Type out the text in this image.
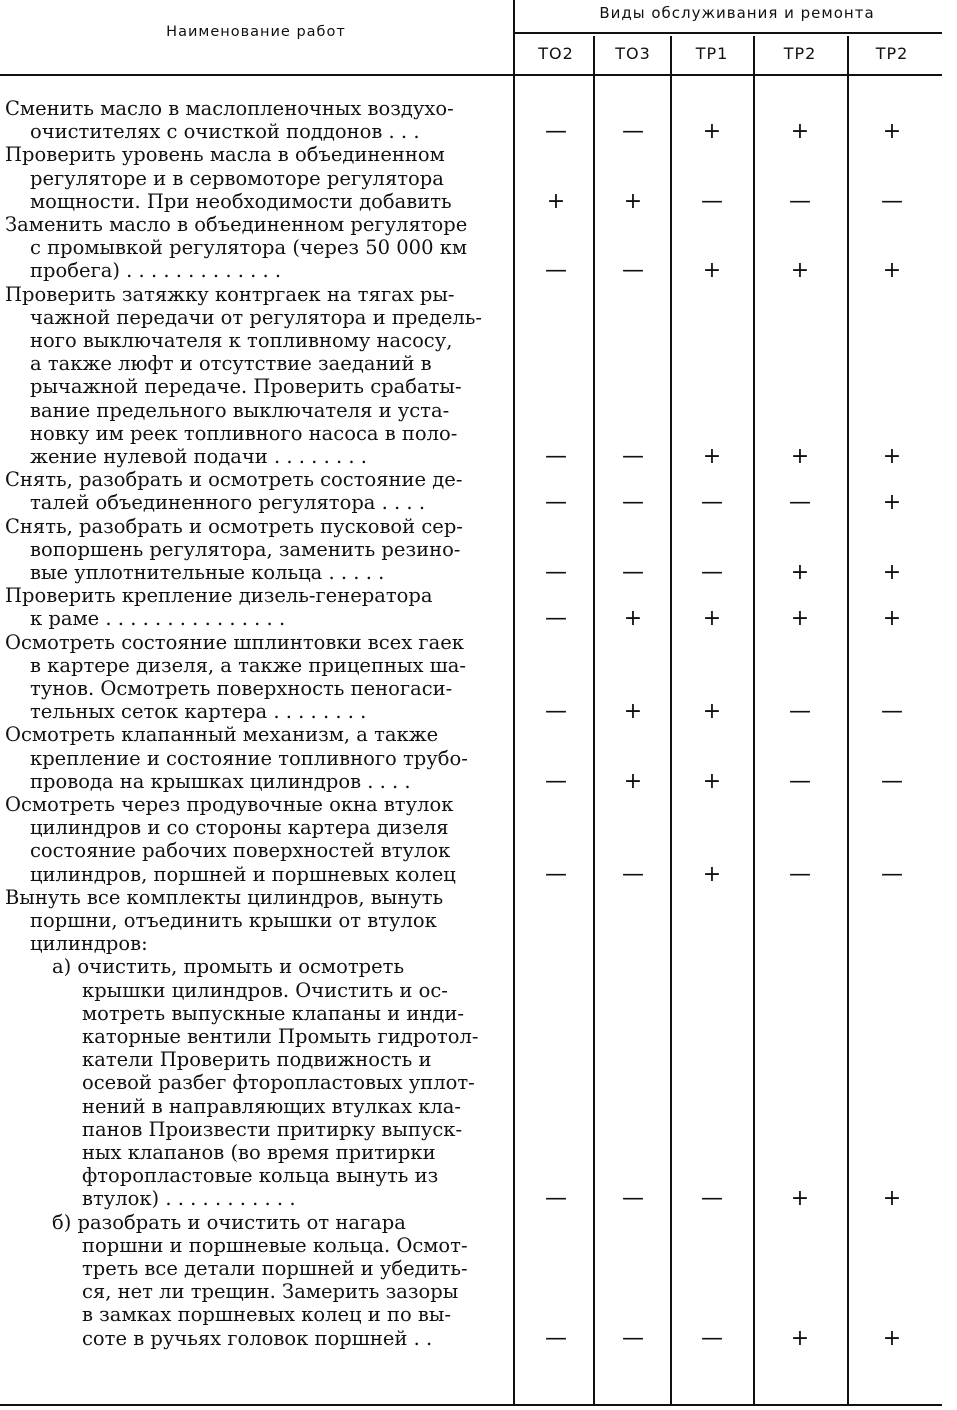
Наименование работ
Виды обслуживания и ремонта
ТО2	ТО3	ТР1	ТР2	ТР2
Сменить масло в маслопленочных воздухо-
очистителях с очисткой поддонов . . .	—	—	+	+	+
Проверить уровень масла в объединенном
регуляторе и в сервомоторе регулятора
мощности. При необходимости добавить	+	+	—	—	—
Заменить масло в объединенном регуляторе
с промывкой регулятора (через 50 000 км
пробега) . . . . . . . . . . . . .	—	—	+	+	+
Проверить затяжку контргаек на тягах ры-
чажной передачи от регулятора и предель-
ного выключателя к топливному насосу,
а также люфт и отсутствие заеданий в
рычажной передаче. Проверить срабаты-
вание предельного выключателя и уста-
новку им реек топливного насоса в поло-
жение нулевой подачи . . . . . . . .	—	—	+	+	+
Снять, разобрать и осмотреть состояние де-
талей объединенного регулятора . . . .	—	—	—	—	+
Снять, разобрать и осмотреть пусковой сер-
вопоршень регулятора, заменить резино-
вые уплотнительные кольца . . . . .	—	—	—	+	+
Проверить крепление дизель-генератора
к раме . . . . . . . . . . . . . . .	—	+	+	+	+
Осмотреть состояние шплинтовки всех гаек
в картере дизеля, а также прицепных ша-
тунов. Осмотреть поверхность пеногаси-
тельных сеток картера . . . . . . . .	—	+	+	—	—
Осмотреть клапанный механизм, а также
крепление и состояние топливного трубо-
провода на крышках цилиндров . . . .	—	+	+	—	—
Осмотреть через продувочные окна втулок
цилиндров и со стороны картера дизеля
состояние рабочих поверхностей втулок
цилиндров, поршней и поршневых колец	—	—	+	—	—
Вынуть все комплекты цилиндров, вынуть
поршни, отъединить крышки от втулок
цилиндров:
а) очистить, промыть и осмотреть
крышки цилиндров. Очистить и ос-
мотреть выпускные клапаны и инди-
каторные вентили Промыть гидротол-
катели Проверить подвижность и
осевой разбег фторопластовых уплот-
нений в направляющих втулках кла-
панов Произвести притирку выпуск-
ных клапанов (во время притирки
фторопластовые кольца вынуть из
втулок) . . . . . . . . . . .	—	—	—	+	+
б) разобрать и очистить от нагара
поршни и поршневые кольца. Осмот-
треть все детали поршней и убедить-
ся, нет ли трещин. Замерить зазоры
в замках поршневых колец и по вы-
соте в ручьях головок поршней . .	—	—	—	+	+
